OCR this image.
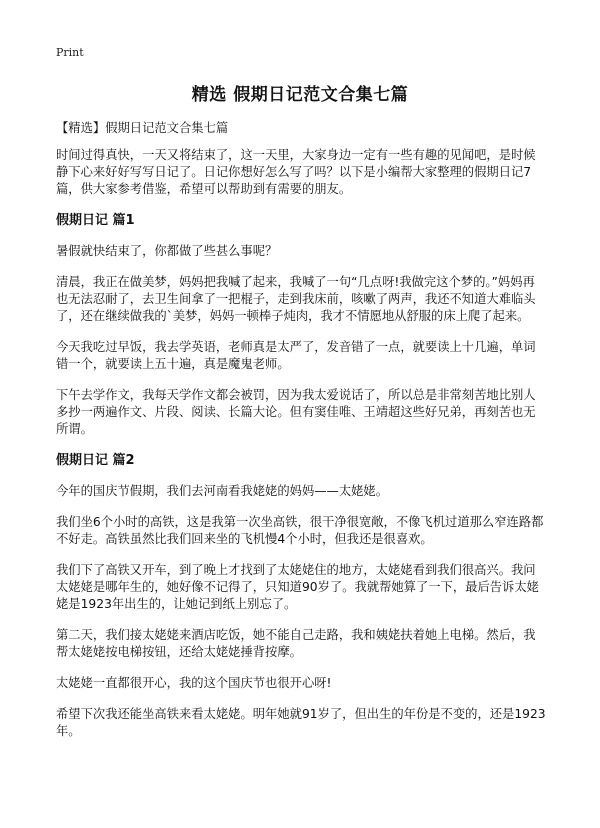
Print
精选 假期日记范文合集七篇

【精选】假期日记范文合集七篇

时间过得真快，一天又将结束了，这一天里，大家身边一定有一些有趣的见闻吧，是时候静下心来好好写写日记了。日记你想好怎么写了吗？以下是小编帮大家整理的假期日记7篇，供大家参考借鉴，希望可以帮助到有需要的朋友。

假期日记 篇1

暑假就快结束了，你都做了些甚么事呢？

清晨，我正在做美梦，妈妈把我喊了起来，我喊了一句“几点呀!我做完这个梦的。”妈妈再也无法忍耐了，去卫生间拿了一把棍子，走到我床前，咳嗽了两声，我还不知道大难临头了，还在继续做我的`美梦，妈妈一顿棒子炖肉，我才不情愿地从舒服的床上爬了起来。

今天我吃过早饭，我去学英语，老师真是太严了，发音错了一点，就要读上十几遍，单词错一个，就要读上五十遍，真是魔鬼老师。

下午去学作文，我每天学作文都会被罚，因为我太爱说话了，所以总是非常刻苦地比别人多抄一两遍作文、片段、阅读、长篇大论。但有窦佳唯、王靖超这些好兄弟，再刻苦也无所谓。

假期日记 篇2

今年的国庆节假期，我们去河南看我姥姥的妈妈——太姥姥。

我们坐6个小时的高铁，这是我第一次坐高铁，很干净很宽敞，不像飞机过道那么窄连路都不好走。高铁虽然比我们回来坐的飞机慢4个小时，但我还是很喜欢。

我们下了高铁又开车，到了晚上才找到了太姥姥住的地方，太姥姥看到我们很高兴。我问太姥姥是哪年生的，她好像不记得了，只知道90岁了。我就帮她算了一下，最后告诉太姥姥是1923年出生的，让她记到纸上别忘了。

第二天，我们接太姥姥来酒店吃饭，她不能自己走路，我和姨姥扶着她上电梯。然后，我帮太姥姥按电梯按钮，还给太姥姥捶背按摩。

太姥姥一直都很开心，我的这个国庆节也很开心呀!

希望下次我还能坐高铁来看太姥姥。明年她就91岁了，但出生的年份是不变的，还是1923年。
